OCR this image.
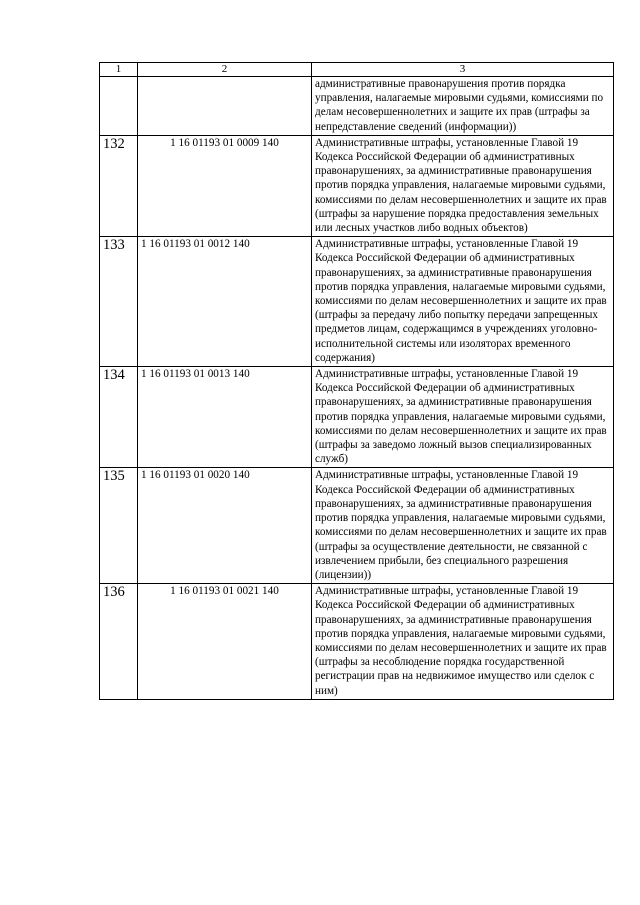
1	2	3
		административные правонарушения против порядка управления, налагаемые мировыми судьями, комиссиями по делам несовершеннолетних и защите их прав (штрафы за непредставление сведений (информации))
132	1 16 01193 01 0009 140	Административные штрафы, установленные Главой 19 Кодекса Российской Федерации об административных правонарушениях, за административные правонарушения против порядка управления, налагаемые мировыми судьями, комиссиями по делам несовершеннолетних и защите их прав (штрафы за нарушение порядка предоставления земельных или лесных участков либо водных объектов)
133	1 16 01193 01 0012 140	Административные штрафы, установленные Главой 19 Кодекса Российской Федерации об административных правонарушениях, за административные правонарушения против порядка управления, налагаемые мировыми судьями, комиссиями по делам несовершеннолетних и защите их прав (штрафы за передачу либо попытку передачи запрещенных предметов лицам, содержащимся в учреждениях уголовно-исполнительной системы или изоляторах временного содержания)
134	1 16 01193 01 0013 140	Административные штрафы, установленные Главой 19 Кодекса Российской Федерации об административных правонарушениях, за административные правонарушения против порядка управления, налагаемые мировыми судьями, комиссиями по делам несовершеннолетних и защите их прав (штрафы за заведомо ложный вызов специализированных служб)
135	1 16 01193 01 0020 140	Административные штрафы, установленные Главой 19 Кодекса Российской Федерации об административных правонарушениях, за административные правонарушения против порядка управления, налагаемые мировыми судьями, комиссиями по делам несовершеннолетних и защите их прав (штрафы за осуществление деятельности, не связанной с извлечением прибыли, без специального разрешения (лицензии))
136	1 16 01193 01 0021 140	Административные штрафы, установленные Главой 19 Кодекса Российской Федерации об административных правонарушениях, за административные правонарушения против порядка управления, налагаемые мировыми судьями, комиссиями по делам несовершеннолетних и защите их прав (штрафы за несоблюдение порядка государственной регистрации прав на недвижимое имущество или сделок с ним)
